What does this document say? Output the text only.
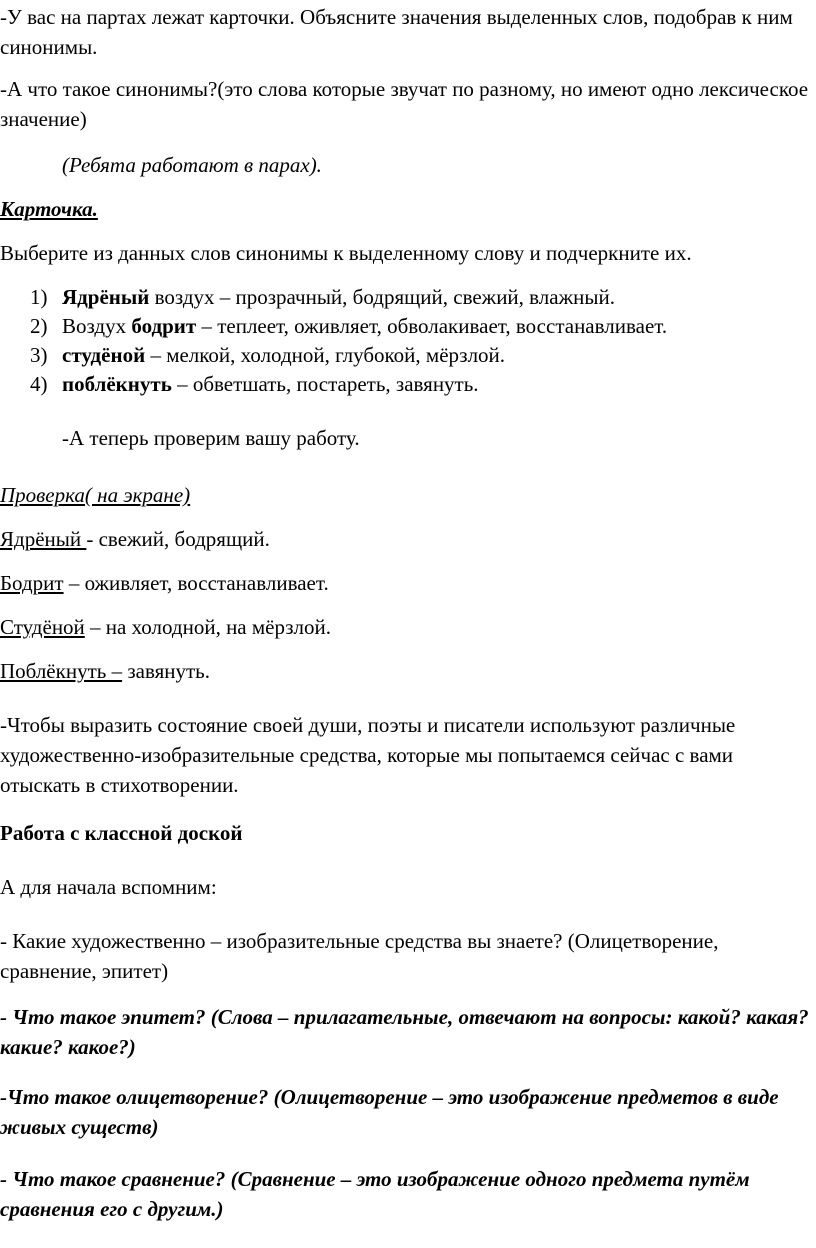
-У вас на партах лежат карточки. Объясните значения выделенных слов, подобрав к ним синонимы.

-А что такое синонимы?(это слова которые звучат по разному, но имеют одно лексическое значение)

(Ребята работают в парах).

Карточка.

Выберите из данных слов синонимы к выделенному слову и подчеркните их.

1) Ядрёный воздух – прозрачный, бодрящий, свежий, влажный.
2) Воздух бодрит – теплеет, оживляет, обволакивает, восстанавливает.
3) студёной – мелкой, холодной, глубокой, мёрзлой.
4) поблёкнуть – обветшать, постареть, завянуть.

-А теперь проверим вашу работу.

Проверка( на экране)

Ядрёный - свежий, бодрящий.

Бодрит – оживляет, восстанавливает.

Студёной – на холодной, на мёрзлой.

Поблёкнуть – завянуть.

-Чтобы выразить состояние своей души, поэты и писатели используют различные художественно-изобразительные средства, которые мы попытаемся сейчас с вами отыскать в стихотворении.

Работа с классной доской

А для начала вспомним:

- Какие художественно – изобразительные средства вы знаете? (Олицетворение, сравнение, эпитет)

- Что такое эпитет? (Слова – прилагательные, отвечают на вопросы: какой? какая? какие? какое?)

-Что такое олицетворение? (Олицетворение – это изображение предметов в виде живых существ)

- Что такое сравнение? (Сравнение – это изображение одного предмета путём сравнения его с другим.)
